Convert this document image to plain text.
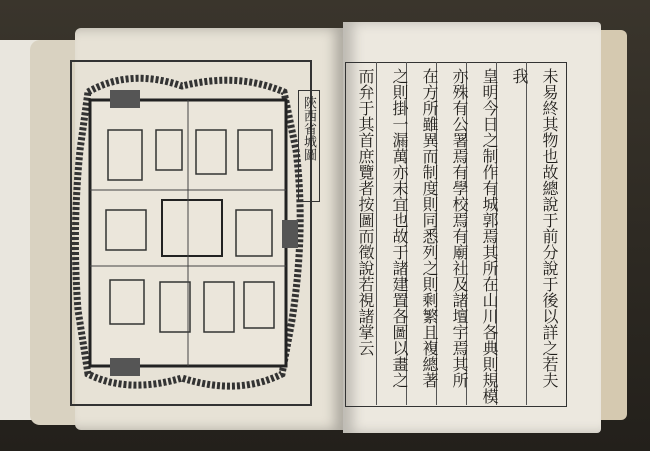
陝西省城圖	未易終其物也故總說于前分說于後以詳之若夫
我
皇明今日之制作有城郭焉其所在山川各典則規模
亦殊有公署焉有學校焉有廟社及諸壇宇焉其所
在方所雖異而制度則同悉列之則剩繁且複總著
之則掛一漏萬亦未宜也故于諸建置各圖以畫之
而弁于其首庶覽者按圖而徵說若視諸掌云
